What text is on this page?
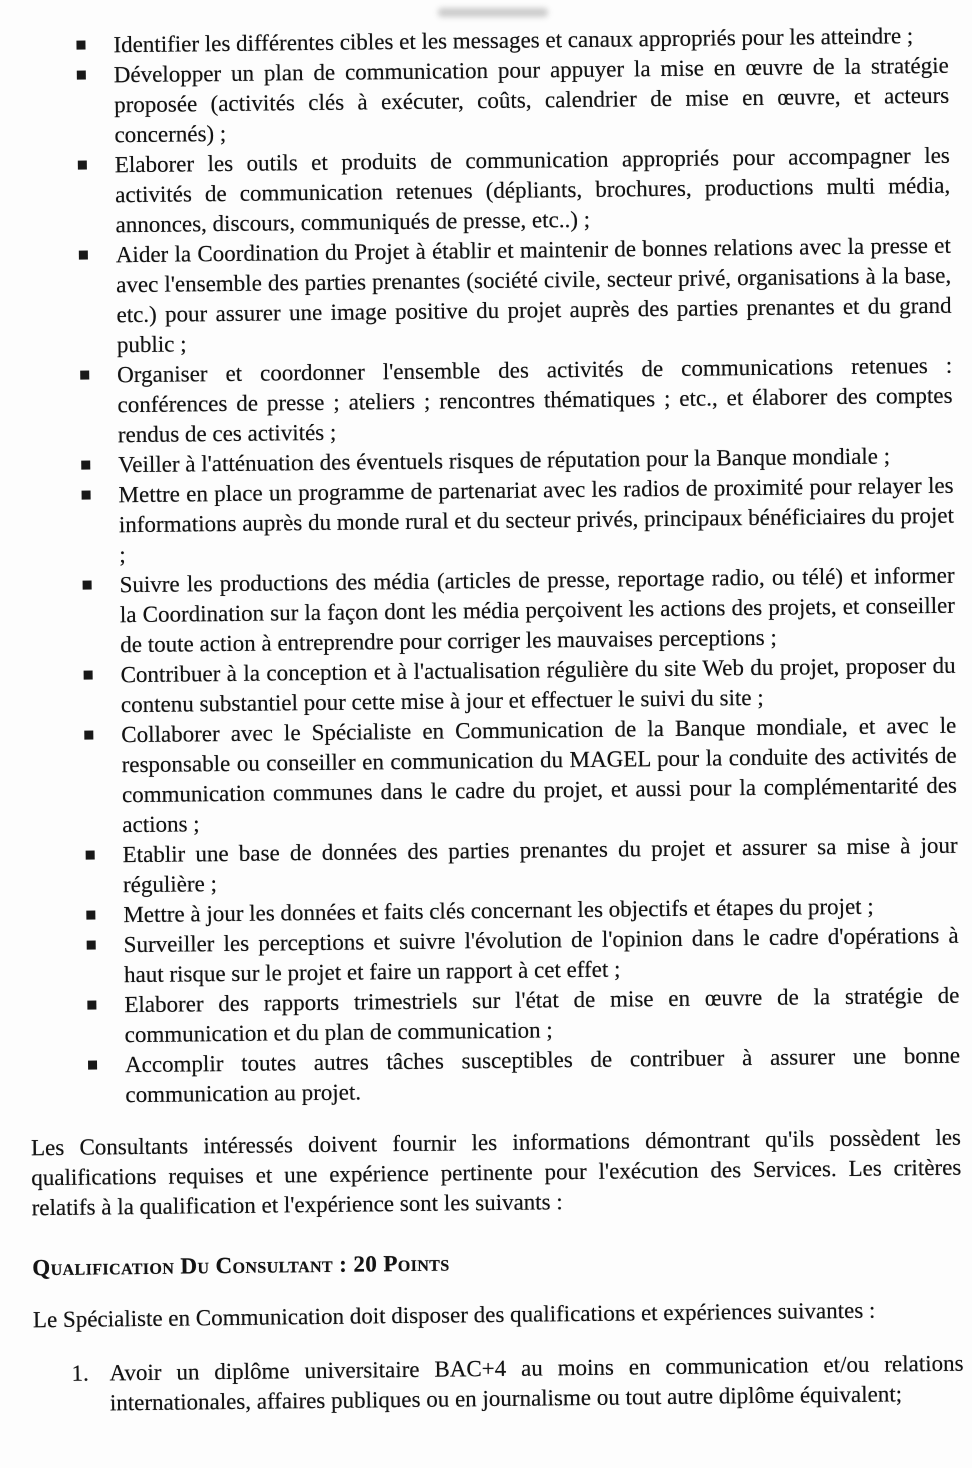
Identifier les différentes cibles et les messages et canaux appropriés pour les atteindre ;
Développer un plan de communication pour appuyer la mise en œuvre de la stratégie proposée (activités clés à exécuter, coûts, calendrier de mise en œuvre, et acteurs concernés) ;
Elaborer les outils et produits de communication appropriés pour accompagner les activités de communication retenues (dépliants, brochures, productions multi média, annonces, discours, communiqués de presse, etc..) ;
Aider la Coordination du Projet à établir et maintenir de bonnes relations avec la presse et avec l'ensemble des parties prenantes (société civile, secteur privé, organisations à la base, etc.) pour assurer une image positive du projet auprès des parties prenantes et du grand public ;
Organiser et coordonner l'ensemble des activités de communications retenues : conférences de presse ; ateliers ; rencontres thématiques ; etc., et élaborer des comptes rendus de ces activités ;
Veiller à l'atténuation des éventuels risques de réputation pour la Banque mondiale ;
Mettre en place un programme de partenariat avec les radios de proximité pour relayer les informations auprès du monde rural et du secteur privés, principaux bénéficiaires du projet ;
Suivre les productions des média (articles de presse, reportage radio, ou télé) et informer la Coordination sur la façon dont les média perçoivent les actions des projets, et conseiller de toute action à entreprendre pour corriger les mauvaises perceptions ;
Contribuer à la conception et à l'actualisation régulière du site Web du projet, proposer du contenu substantiel pour cette mise à jour et effectuer le suivi du site ;
Collaborer avec le Spécialiste en Communication de la Banque mondiale, et avec le responsable ou conseiller en communication du MAGEL pour la conduite des activités de communication communes dans le cadre du projet, et aussi pour la complémentarité des actions ;
Etablir une base de données des parties prenantes du projet et assurer sa mise à jour régulière ;
Mettre à jour les données et faits clés concernant les objectifs et étapes du projet ;
Surveiller les perceptions et suivre l'évolution de l'opinion dans le cadre d'opérations à haut risque sur le projet et faire un rapport à cet effet ;
Elaborer des rapports trimestriels sur l'état de mise en œuvre de la stratégie de communication et du plan de communication ;
Accomplir toutes autres tâches susceptibles de contribuer à assurer une bonne communication au projet.

Les Consultants intéressés doivent fournir les informations démontrant qu'ils possèdent les qualifications requises et une expérience pertinente pour l'exécution des Services. Les critères relatifs à la qualification et l'expérience sont les suivants :

Qualification Du Consultant : 20 Points

Le Spécialiste en Communication doit disposer des qualifications et expériences suivantes :

1. Avoir un diplôme universitaire BAC+4 au moins en communication et/ou relations internationales, affaires publiques ou en journalisme ou tout autre diplôme équivalent;
